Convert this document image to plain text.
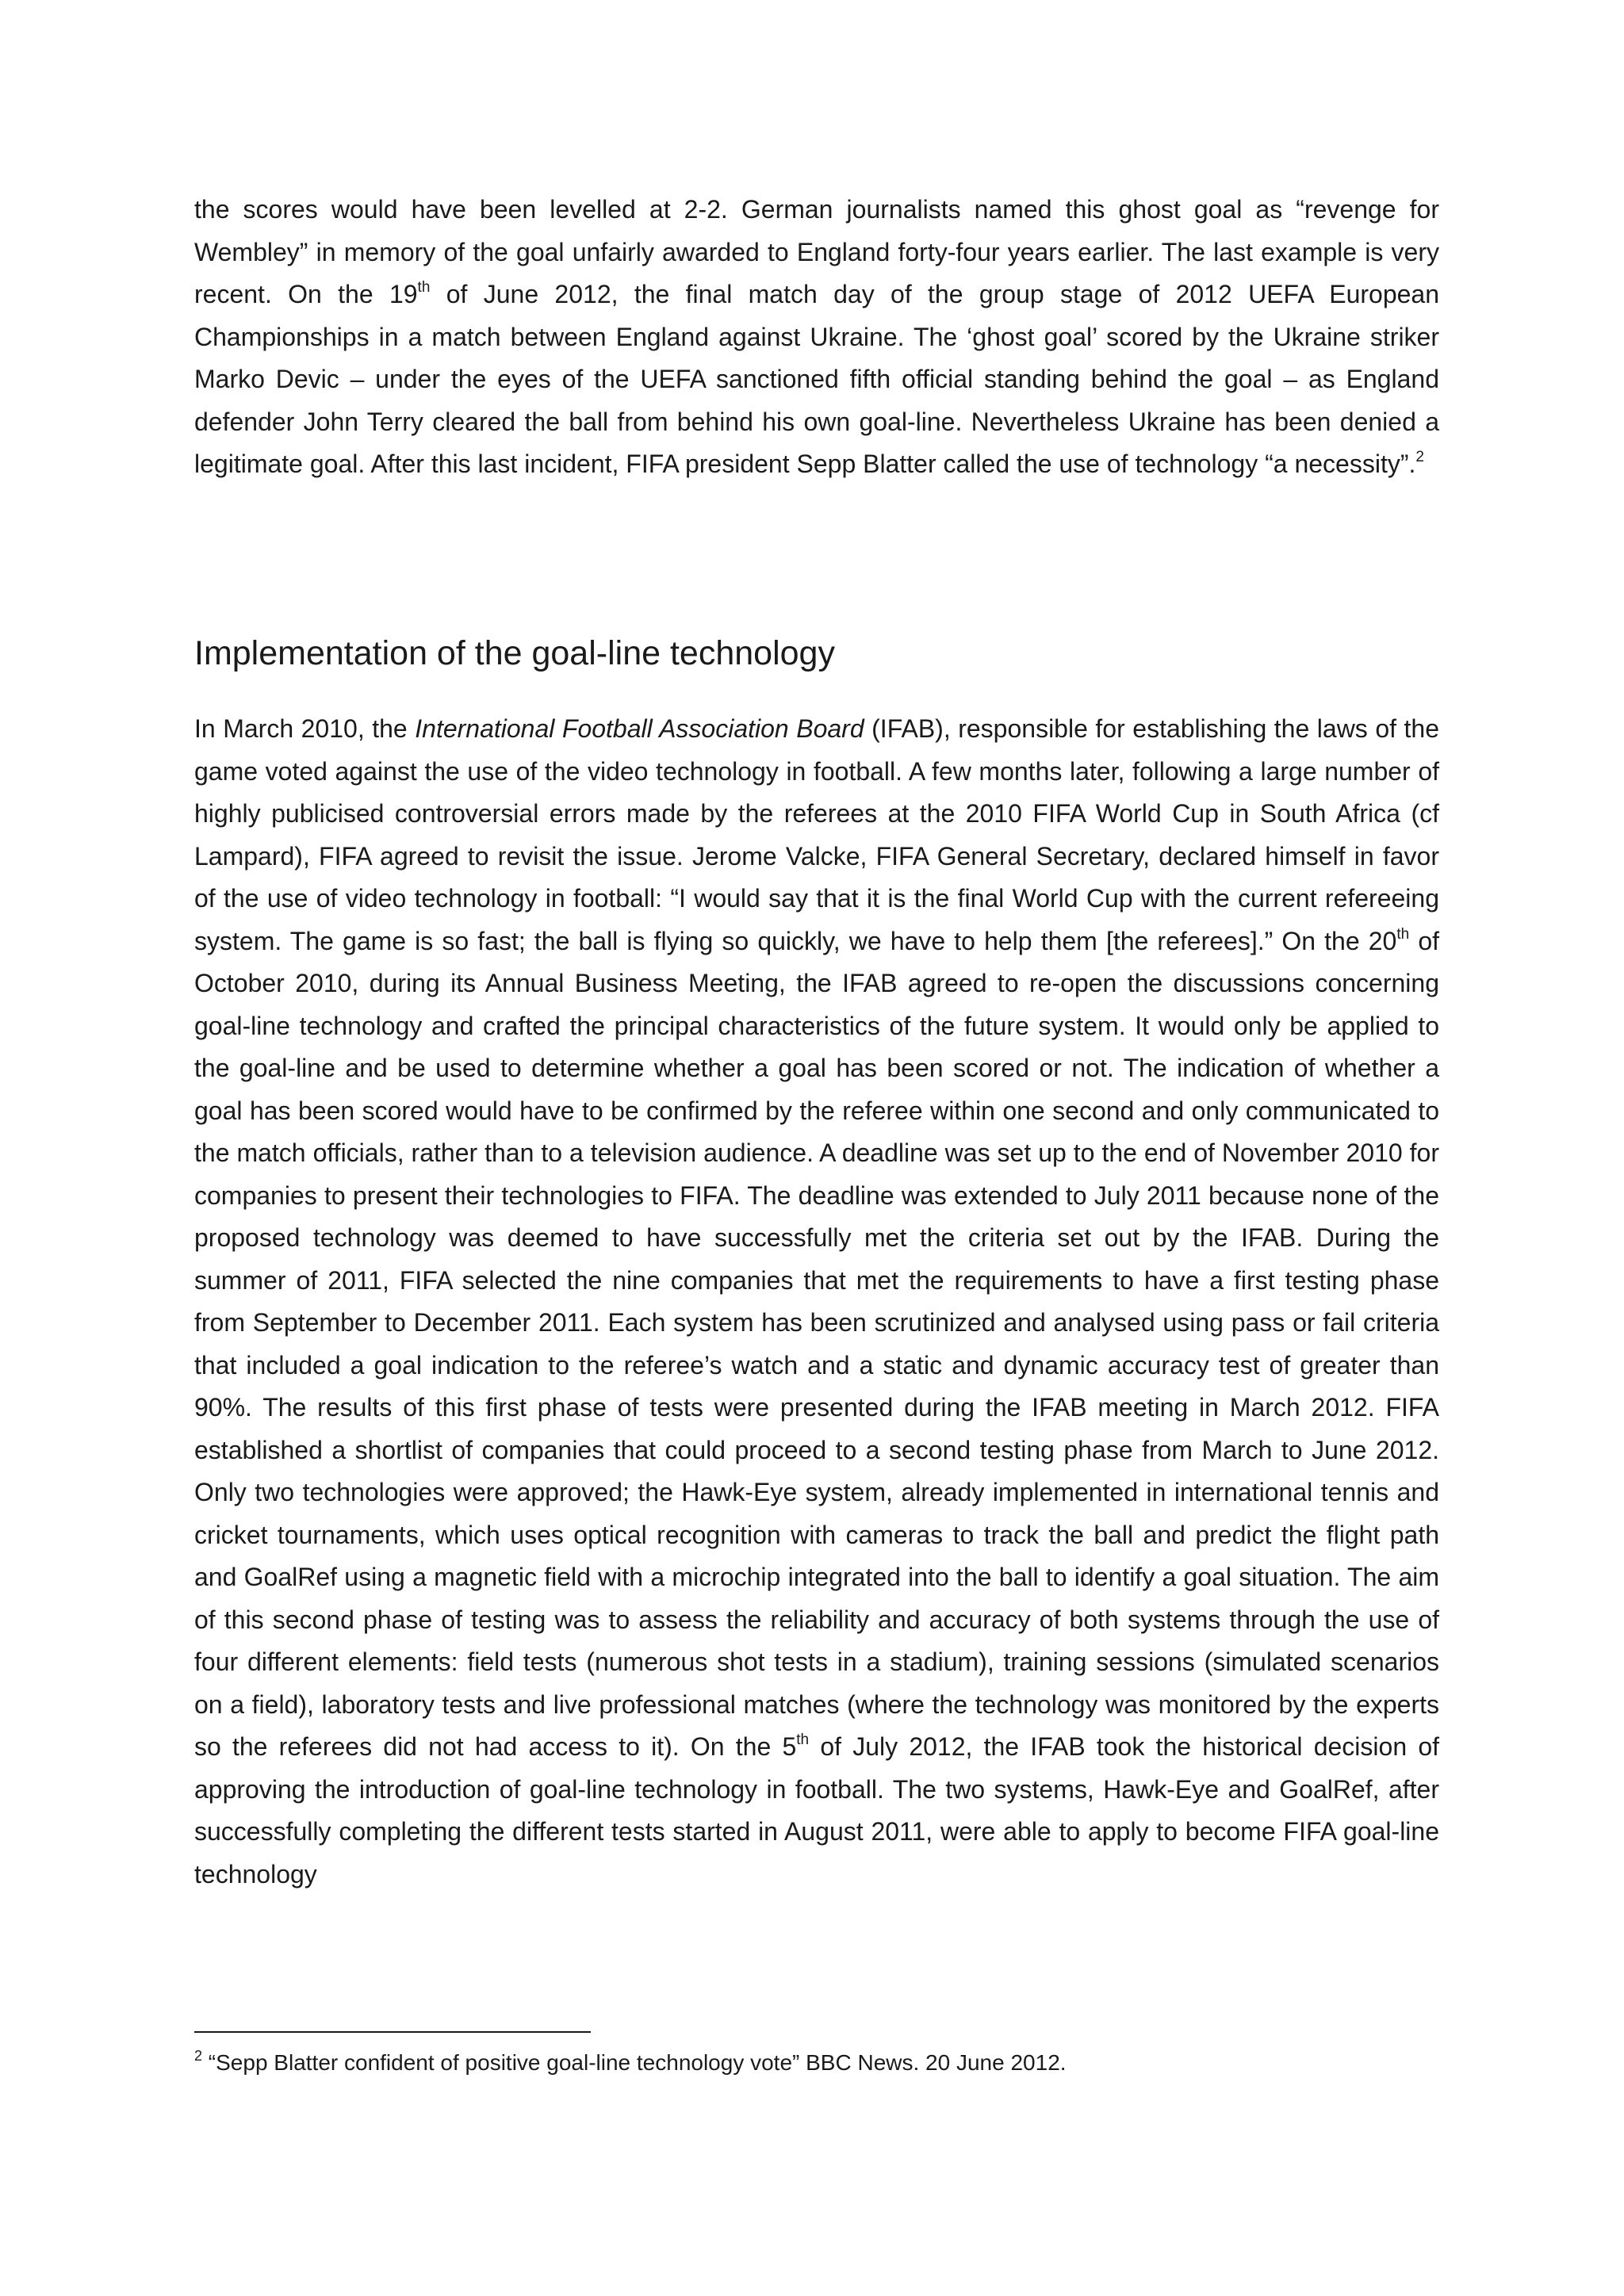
the scores would have been levelled at 2-2. German journalists named this ghost goal as “revenge for Wembley” in memory of the goal unfairly awarded to England forty-four years earlier. The last example is very recent. On the 19th of June 2012, the final match day of the group stage of 2012 UEFA European Championships in a match between England against Ukraine. The ‘ghost goal’ scored by the Ukraine striker Marko Devic – under the eyes of the UEFA sanctioned fifth official standing behind the goal – as England defender John Terry cleared the ball from behind his own goal-line. Nevertheless Ukraine has been denied a legitimate goal. After this last incident, FIFA president Sepp Blatter called the use of technology “a necessity”.$^2$

Implementation of the goal-line technology

In March 2010, the International Football Association Board (IFAB), responsible for establishing the laws of the game voted against the use of the video technology in football. A few months later, following a large number of highly publicised controversial errors made by the referees at the 2010 FIFA World Cup in South Africa (cf Lampard), FIFA agreed to revisit the issue. Jerome Valcke, FIFA General Secretary, declared himself in favor of the use of video technology in football: “I would say that it is the final World Cup with the current refereeing system. The game is so fast; the ball is flying so quickly, we have to help them [the referees].” On the 20th of October 2010, during its Annual Business Meeting, the IFAB agreed to re-open the discussions concerning goal-line technology and crafted the principal characteristics of the future system. It would only be applied to the goal-line and be used to determine whether a goal has been scored or not. The indication of whether a goal has been scored would have to be confirmed by the referee within one second and only communicated to the match officials, rather than to a television audience. A deadline was set up to the end of November 2010 for companies to present their technologies to FIFA. The deadline was extended to July 2011 because none of the proposed technology was deemed to have successfully met the criteria set out by the IFAB. During the summer of 2011, FIFA selected the nine companies that met the requirements to have a first testing phase from September to December 2011. Each system has been scrutinized and analysed using pass or fail criteria that included a goal indication to the referee’s watch and a static and dynamic accuracy test of greater than 90%. The results of this first phase of tests were presented during the IFAB meeting in March 2012. FIFA established a shortlist of companies that could proceed to a second testing phase from March to June 2012. Only two technologies were approved; the Hawk-Eye system, already implemented in international tennis and cricket tournaments, which uses optical recognition with cameras to track the ball and predict the flight path and GoalRef using a magnetic field with a microchip integrated into the ball to identify a goal situation. The aim of this second phase of testing was to assess the reliability and accuracy of both systems through the use of four different elements: field tests (numerous shot tests in a stadium), training sessions (simulated scenarios on a field), laboratory tests and live professional matches (where the technology was monitored by the experts so the referees did not had access to it). On the 5th of July 2012, the IFAB took the historical decision of approving the introduction of goal-line technology in football. The two systems, Hawk-Eye and GoalRef, after successfully completing the different tests started in August 2011, were able to apply to become FIFA goal-line technology

$^2$ “Sepp Blatter confident of positive goal-line technology vote” BBC News. 20 June 2012.
